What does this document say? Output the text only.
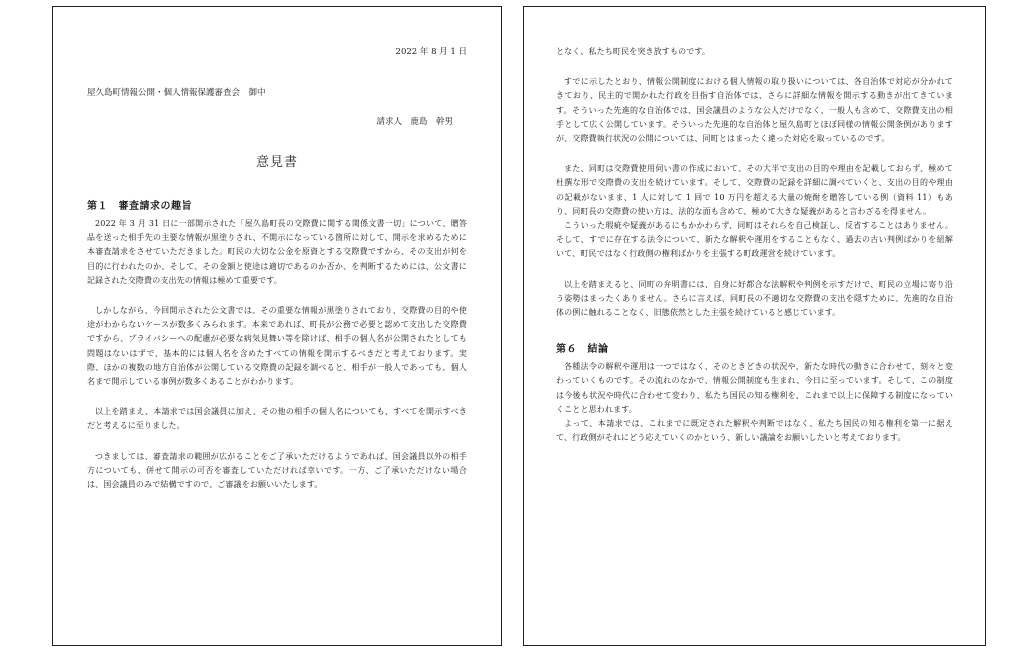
2022 年 8 月 1 日
屋久島町情報公開・個人情報保護審査会　御中
請求人　鹿島　幹男
意見書

第１　審査請求の趣旨

2022 年 3 月 31 日に一部開示された「屋久島町長の交際費に関する関係文書一切」について、贈答品を送った相手先の主要な情報が黒塗りされ、不開示になっている箇所に対して、開示を求めるために本審査請求をさせていただきました。町民の大切な公金を原資とする交際費ですから、その支出が何を目的に行われたのか、そして、その金額と使途は適切であるのか否か、を判断するためには、公文書に記録された交際費の支出先の情報は極めて重要です。

しかしながら、今回開示された公文書では、その重要な情報が黒塗りされており、交際費の目的や使途がわからないケースが数多くみられます。本来であれば、町長が公務で必要と認めて支出した交際費ですから、プライバシーへの配慮が必要な病気見舞い等を除けば、相手の個人名が公開されたとしても問題はないはずで、基本的には個人名を含めたすべての情報を開示するべきだと考えております。実際、ほかの複数の地方自治体が公開している交際費の記録を調べると、相手が一般人であっても、個人名まで開示している事例が数多くあることがわかります。

以上を踏まえ、本請求では国会議員に加え、その他の相手の個人名についても、すべてを開示すべきだと考えるに至りました。

つきましては、審査請求の範囲が広がることをご了承いただけるようであれば、国会議員以外の相手方についても、併せて開示の可否を審査していただければ幸いです。一方、ご了承いただけない場合は、国会議員のみで結構ですので、ご審議をお願いいたします。

となく、私たち町民を突き放すものです。

すでに示したとおり、情報公開制度における個人情報の取り扱いについては、各自治体で対応が分かれてきており、民主的で開かれた行政を目指す自治体では、さらに詳細な情報を開示する動きが出てきています。そういった先進的な自治体では、国会議員のような公人だけでなく、一般人も含めて、交際費支出の相手として広く公開しています。そういった先進的な自治体と屋久島町とほぼ同様の情報公開条例がありますが、交際費執行状況の公開については、同町とはまったく違った対応を取っているのです。

また、同町は交際費使用伺い書の作成において、その大半で支出の目的や理由を記載しておらず、極めて杜撰な形で交際費の支出を続けています。そして、交際費の記録を詳細に調べていくと、支出の目的や理由の記載がないまま、1 人に対して 1 回で 10 万円を超える大量の焼酎を贈答している例（資料 11）もあり、同町長の交際費の使い方は、法的な面も含めて、極めて大きな疑義があると言わざるを得ません。

こういった瑕疵や疑義があるにもかかわらず、同町はそれらを自己検証し、反省することはありません。そして、すでに存在する法令について、新たな解釈や運用をすることもなく、過去の古い判例ばかりを紐解いて、町民ではなく行政側の権利ばかりを主張する町政運営を続けています。

以上を踏まえると、同町の弁明書には、自身に好都合な法解釈や判例を示すだけで、町民の立場に寄り沿う姿勢はまったくありません。さらに言えば、同町長の不適切な交際費の支出を隠すために、先進的な自治体の例に触れることなく、旧態依然とした主張を続けていると感じています。

第６　結論

各種法令の解釈や運用は一つではなく、そのときどきの状況や、新たな時代の動きに合わせて、刻々と変わっていくものです。その流れのなかで、情報公開制度も生まれ、今日に至っています。そして、この制度は今後も状況や時代に合わせて変わり、私たち国民の知る権利を、これまで以上に保障する制度になっていくことと思われます。

よって、本請求では、これまでに既定された解釈や判断ではなく、私たち国民の知る権利を第一に据えて、行政側がそれにどう応えていくのかという、新しい議論をお願いしたいと考えております。
